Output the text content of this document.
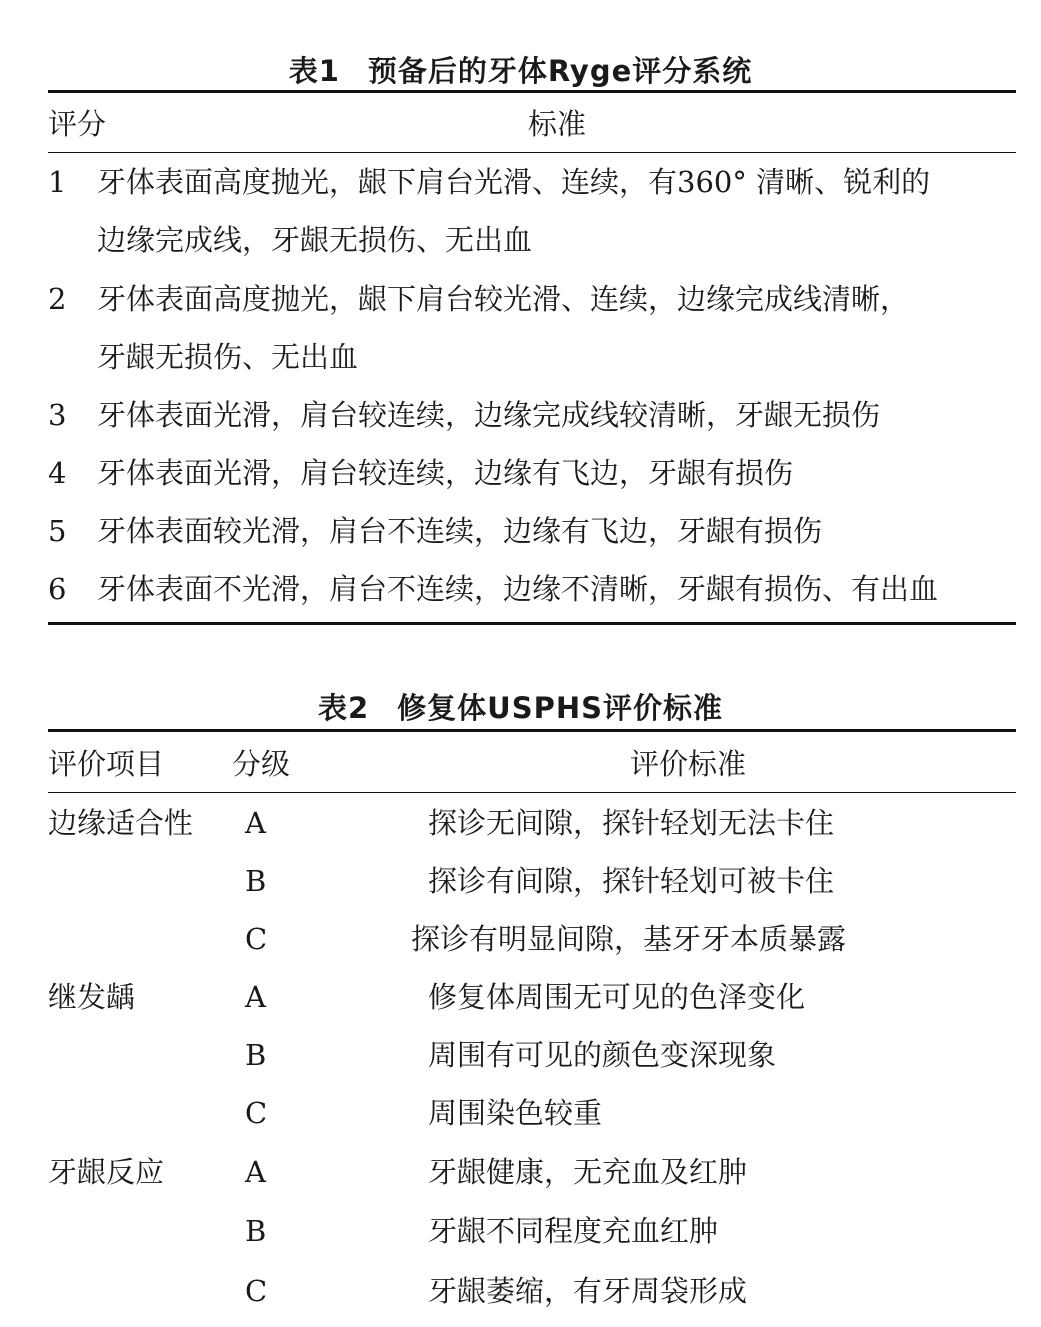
表1 预备后的牙体Ryge评分系统
评分	标准
1 牙体表面高度抛光，龈下肩台光滑、连续，有360° 清晰、锐利的
边缘完成线，牙龈无损伤、无出血
2 牙体表面高度抛光，龈下肩台较光滑、连续，边缘完成线清晰，
牙龈无损伤、无出血
3 牙体表面光滑，肩台较连续，边缘完成线较清晰，牙龈无损伤
4 牙体表面光滑，肩台较连续，边缘有飞边，牙龈有损伤
5 牙体表面较光滑，肩台不连续，边缘有飞边，牙龈有损伤
6 牙体表面不光滑，肩台不连续，边缘不清晰，牙龈有损伤、有出血
表2 修复体USPHS评价标准
评价项目 分级	评价标准
边缘适合性 A	探诊无间隙，探针轻划无法卡住
B	探诊有间隙，探针轻划可被卡住
C	探诊有明显间隙，基牙牙本质暴露
继发龋	A	修复体周围无可见的色泽变化
B	周围有可见的颜色变深现象
C	周围染色较重
牙龈反应	A	牙龈健康，无充血及红肿
B	牙龈不同程度充血红肿
C	牙龈萎缩，有牙周袋形成
